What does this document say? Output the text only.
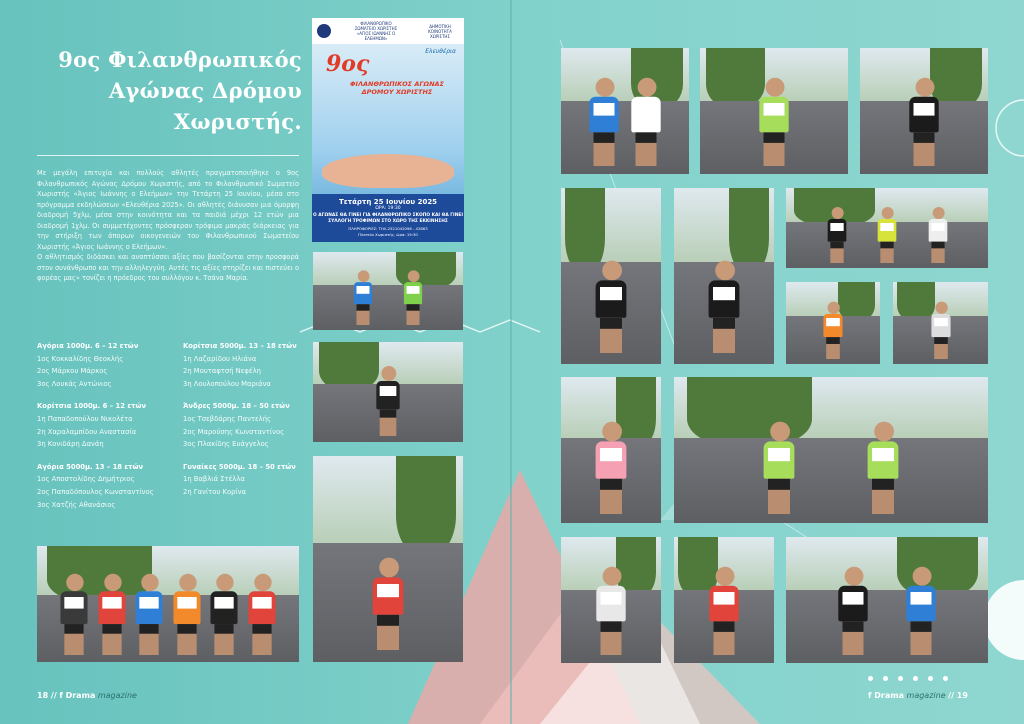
9ος Φιλανθρωπικός
Αγώνας Δρόμου
Χωριστής.

Με μεγάλη επιτυχία και πολλούς αθλητές πραγματοποιήθηκε ο 9ος Φιλανθρωπικός Αγώνας Δρόμου Χωριστής, από το Φιλανθρωπικό Σωματείο Χωριστής «Άγιος Ιωάννης ο Ελεήμων» την Τετάρτη 25 Ιουνίου, μέσα στο πρόγραμμα εκδηλώσεων «Ελευθέρια 2025». Οι αθλητές διάνυσαν μια όμορφη διαδρομή 5χλμ, μέσα στην κοινότητα και τα παιδιά μέχρι 12 ετών μια διαδρομή 1χλμ. Οι συμμετέχοντες πρόσφεραν τρόφιμα μακράς διάρκειας για την στήριξη των άπορων οικογενειών του Φιλανθρωπικού Σωματείου Χωριστής «Άγιος Ιωάννης ο Ελεήμων».

Ο αθλητισμός διδάσκει και αναπτύσσει αξίες που βασίζονται στην προσφορά στον συνάνθρωπο και την αλληλεγγύη. Αυτές τις αξίες στηρίζει και πιστεύει ο φορέας μας» τονίζει η πρόεδρος του συλλόγου κ. Τσάνα Μαρία.

Αγόρια 1000μ. 6 – 12 ετών
1ος Κοκκαλίδης Θεοκλής
2ος Μάρκου Μάρκος
3ος Λουκάς Αντώνιος
Κορίτσια 1000μ. 6 – 12 ετών
1η Παπαδοπούλου Νικολέτα
2η Χαραλαμπίδου Αναστασία
3η Κονιδάρη Δανάη
Αγόρια 5000μ. 13 – 18 ετών
1ος Αποστολίδης Δημήτριος
2ος Παπαδόπουλος Κωνσταντίνος
3ος Χατζής Αθανάσιος
Κορίτσια 5000μ. 13 – 18 ετών
1η Λαζαρίδου Ηλιάνα
2η Μουταφτσή Νεφέλη
3η Λουλοπούλου Μαριάνα
Άνδρες 5000μ. 18 – 50 ετών
1ος Τσεβδάρης Παντελής
2ος Μαρούσης Κωνσταντίνος
3ος Πλακίδης Ευάγγελος
Γυναίκες 5000μ. 18 – 50 ετών
1η Βαβλιά Στέλλα
2η Γανίτου Κορίνα
ΦΙΛΑΝΘΡΩΠΙΚΟ ΣΩΜΑΤΕΙΟ ΧΩΡΙΣΤΗΣ «ΑΓΙΟΣ ΙΩΑΝΝΗΣ Ο ΕΛΕΗΜΩΝ»
ΔΗΜΟΤΙΚΗ ΚΟΙΝΟΤΗΤΑ ΧΩΡΙΣΤΗΣ
Ελευθέρια
9ος
ΦΙΛΑΝΘΡΩΠΙΚΟΣ ΑΓΩΝΑΣ ΔΡΟΜΟΥ ΧΩΡΙΣΤΗΣ
Τετάρτη 25 Ιουνίου 2025
ΩΡΑ: 19:30
Ο ΑΓΩΝΑΣ ΘΑ ΓΙΝΕΙ ΓΙΑ ΦΙΛΑΝΘΡΩΠΙΚΟ ΣΚΟΠΟ ΚΑΙ ΘΑ ΓΙΝΕΙ ΣΥΛΛΟΓΗ ΤΡΟΦΙΜΩΝ ΣΤΟ ΧΩΡΟ ΤΗΣ ΕΚΚΙΝΗΣΗΣ
ΠΛΗΡΟΦΟΡΙΕΣ: ΤΗΛ.2521042096 - 42863
Πλατεία Χωριστής, ώρα: 19:30
18 // f Drama magazine	f Drama magazine // 19
